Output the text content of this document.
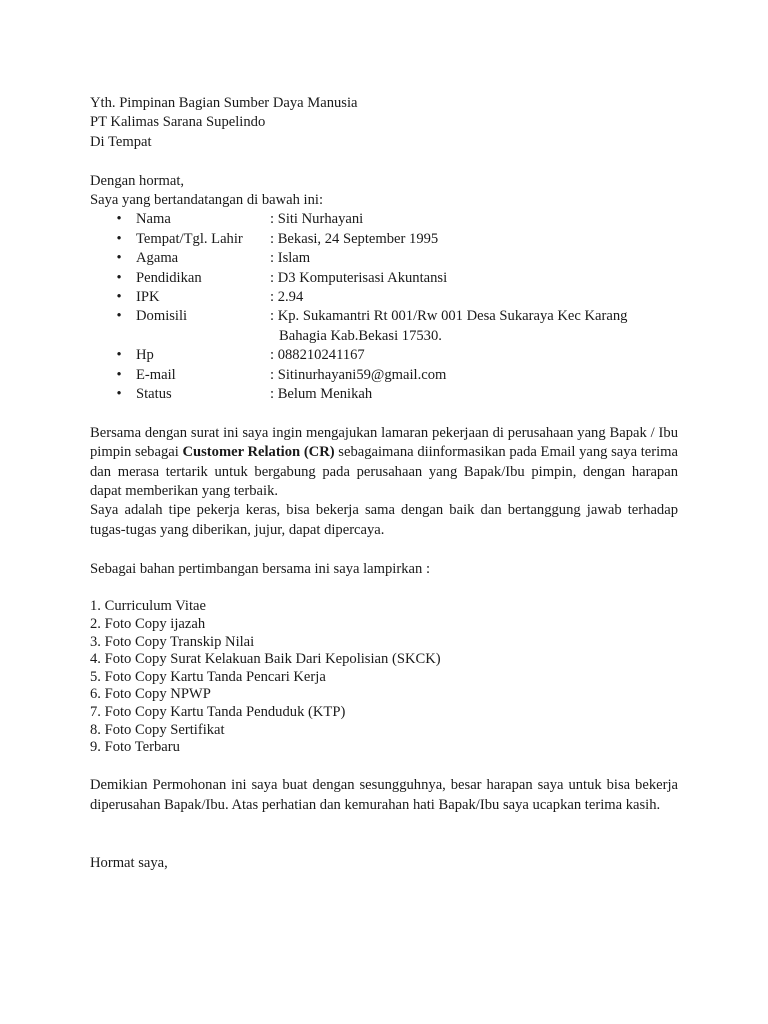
Yth. Pimpinan Bagian Sumber Daya Manusia
PT Kalimas Sarana Supelindo
Di Tempat
Dengan hormat,
Saya yang bertandatangan di bawah ini:
• Nama	: Siti Nurhayani
• Tempat/Tgl. Lahir : Bekasi, 24 September 1995
• Agama	: Islam
• Pendidikan	: D3 Komputerisasi Akuntansi
• IPK	: 2.94
• Domisili	: Kp. Sukamantri Rt 001/Rw 001 Desa Sukaraya Kec Karang
Bahagia Kab.Bekasi 17530.
• Hp	: 088210241167
• E-mail	: Sitinurhayani59@gmail.com
• Status	: Belum Menikah
Bersama dengan surat ini saya ingin mengajukan lamaran pekerjaan di perusahaan yang Bapak / Ibu pimpin sebagai Customer Relation (CR) sebagaimana diinformasikan pada Email yang saya terima dan merasa tertarik untuk bergabung pada perusahaan yang Bapak/Ibu pimpin, dengan harapan dapat memberikan yang terbaik.
Saya adalah tipe pekerja keras, bisa bekerja sama dengan baik dan bertanggung jawab terhadap tugas-tugas yang diberikan, jujur, dapat dipercaya.
Sebagai bahan pertimbangan bersama ini saya lampirkan :
1. Curriculum Vitae
2. Foto Copy ijazah
3. Foto Copy Transkip Nilai
4. Foto Copy Surat Kelakuan Baik Dari Kepolisian (SKCK)
5. Foto Copy Kartu Tanda Pencari Kerja
6. Foto Copy NPWP
7. Foto Copy Kartu Tanda Penduduk (KTP)
8. Foto Copy Sertifikat
9. Foto Terbaru
Demikian Permohonan ini saya buat dengan sesungguhnya, besar harapan saya untuk bisa bekerja diperusahan Bapak/Ibu. Atas perhatian dan kemurahan hati Bapak/Ibu saya ucapkan terima kasih.
Hormat saya,
